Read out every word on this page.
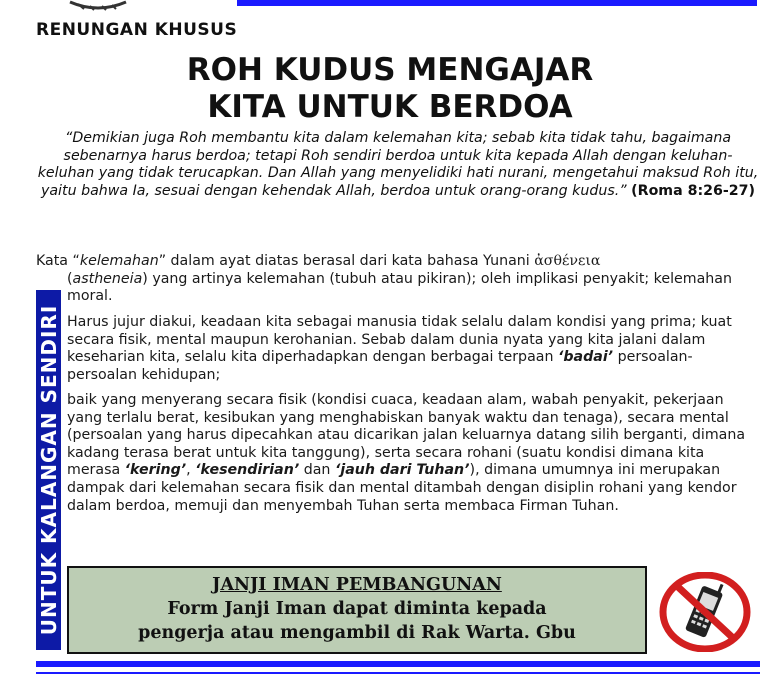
RENUNGAN KHUSUS
ROH KUDUS MENGAJAR
KITA UNTUK BERDOA
“Demikian juga Roh membantu kita dalam kelemahan kita; sebab kita tidak tahu, bagaimana sebenarnya harus berdoa; tetapi Roh sendiri berdoa untuk kita kepada Allah dengan keluhan-keluhan yang tidak terucapkan. Dan Allah yang menyelidiki hati nurani, mengetahui maksud Roh itu, yaitu bahwa Ia, sesuai dengan kehendak Allah, berdoa untuk orang-orang kudus.” (Roma 8:26-27)
Kata “kelemahan” dalam ayat diatas berasal dari kata bahasa Yunani ἀσθένεια
(astheneia) yang artinya kelemahan (tubuh atau pikiran); oleh implikasi penyakit; kelemahan moral.
UNTUK KALANGAN SENDIRI Harus jujur diakui, keadaan kita sebagai manusia tidak selalu dalam kondisi yang prima; kuat secara fisik, mental maupun kerohanian. Sebab dalam dunia nyata yang kita jalani dalam keseharian kita, selalu kita diperhadapkan dengan berbagai terpaan ‘badai’ persoalan-persoalan kehidupan;
baik yang menyerang secara fisik (kondisi cuaca, keadaan alam, wabah penyakit, pekerjaan yang terlalu berat, kesibukan yang menghabiskan banyak waktu dan tenaga), secara mental (persoalan yang harus dipecahkan atau dicarikan jalan keluarnya datang silih berganti, dimana kadang terasa berat untuk kita tanggung), serta secara rohani (suatu kondisi dimana kita merasa ‘kering’, ‘kesendirian’ dan ‘jauh dari Tuhan’), dimana umumnya ini merupakan dampak dari kelemahan secara fisik dan mental ditambah dengan disiplin rohani yang kendor dalam berdoa, memuji dan menyembah Tuhan serta membaca Firman Tuhan.
JANJI IMAN PEMBANGUNAN
Form Janji Iman dapat diminta kepada
pengerja atau mengambil di Rak Warta. Gbu
